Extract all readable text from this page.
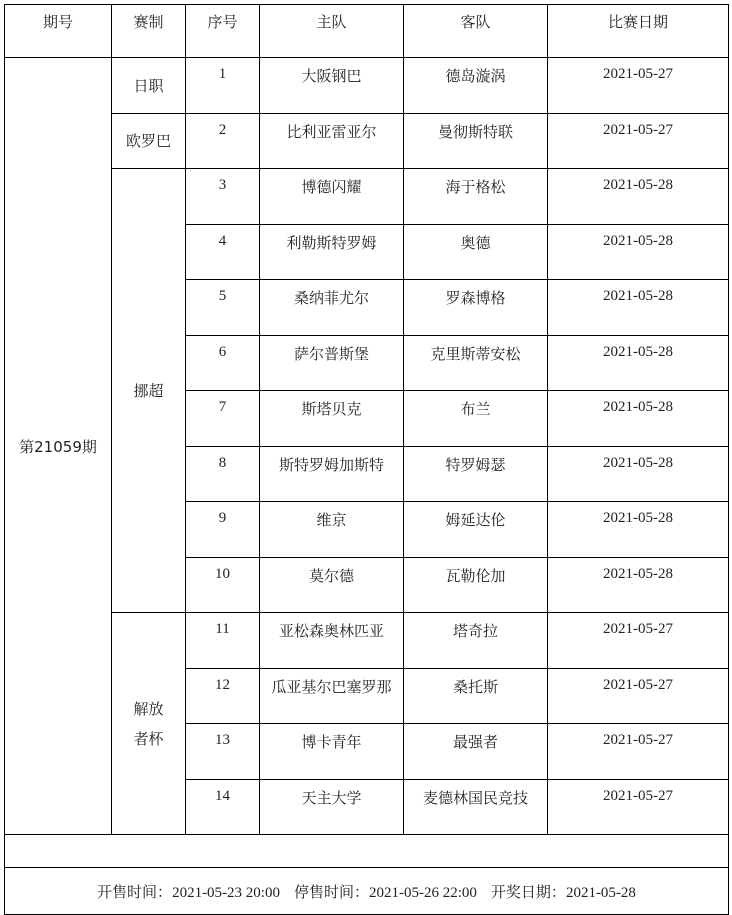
期号	赛制	序号	主队	客队	比赛日期
第21059期	日职	1	大阪钢巴	德岛漩涡	2021-05-27
	欧罗巴	2	比利亚雷亚尔	曼彻斯特联	2021-05-27
	挪超	3	博德闪耀	海于格松	2021-05-28
		4	利勒斯特罗姆	奥德	2021-05-28
		5	桑纳菲尤尔	罗森博格	2021-05-28
		6	萨尔普斯堡	克里斯蒂安松	2021-05-28
		7	斯塔贝克	布兰	2021-05-28
		8	斯特罗姆加斯特	特罗姆瑟	2021-05-28
		9	维京	姆延达伦	2021-05-28
		10	莫尔德	瓦勒伦加	2021-05-28
	解放者杯	11	亚松森奥林匹亚	塔奇拉	2021-05-27
		12	瓜亚基尔巴塞罗那	桑托斯	2021-05-27
		13	博卡青年	最强者	2021-05-27
		14	天主大学	麦德林国民竞技	2021-05-27

开售时间：2021-05-23 20:00 停售时间：2021-05-26 22:00 开奖日期：2021-05-28					
